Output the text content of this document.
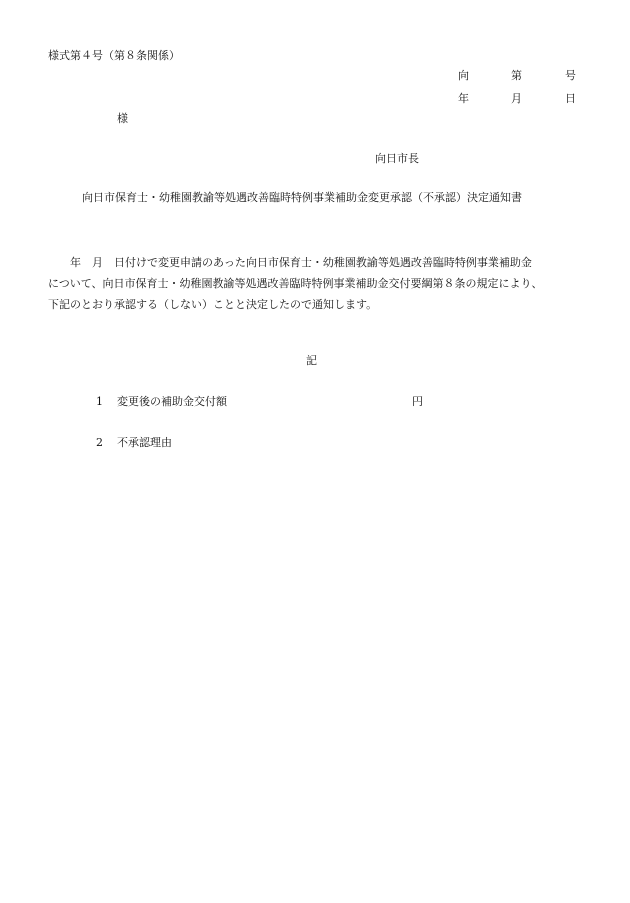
様式第４号（第８条関係）
向	第	号
年	月	日
様
向日市長
向日市保育士・幼稚園教諭等処遇改善臨時特例事業補助金変更承認（不承認）決定通知書
　　年　月　日付けで変更申請のあった向日市保育士・幼稚園教諭等処遇改善臨時特例事業補助金
について、向日市保育士・幼稚園教諭等処遇改善臨時特例事業補助金交付要綱第８条の規定により、
下記のとおり承認する（しない）ことと決定したので通知します。
記
1 変更後の補助金交付額	円
2 不承認理由
